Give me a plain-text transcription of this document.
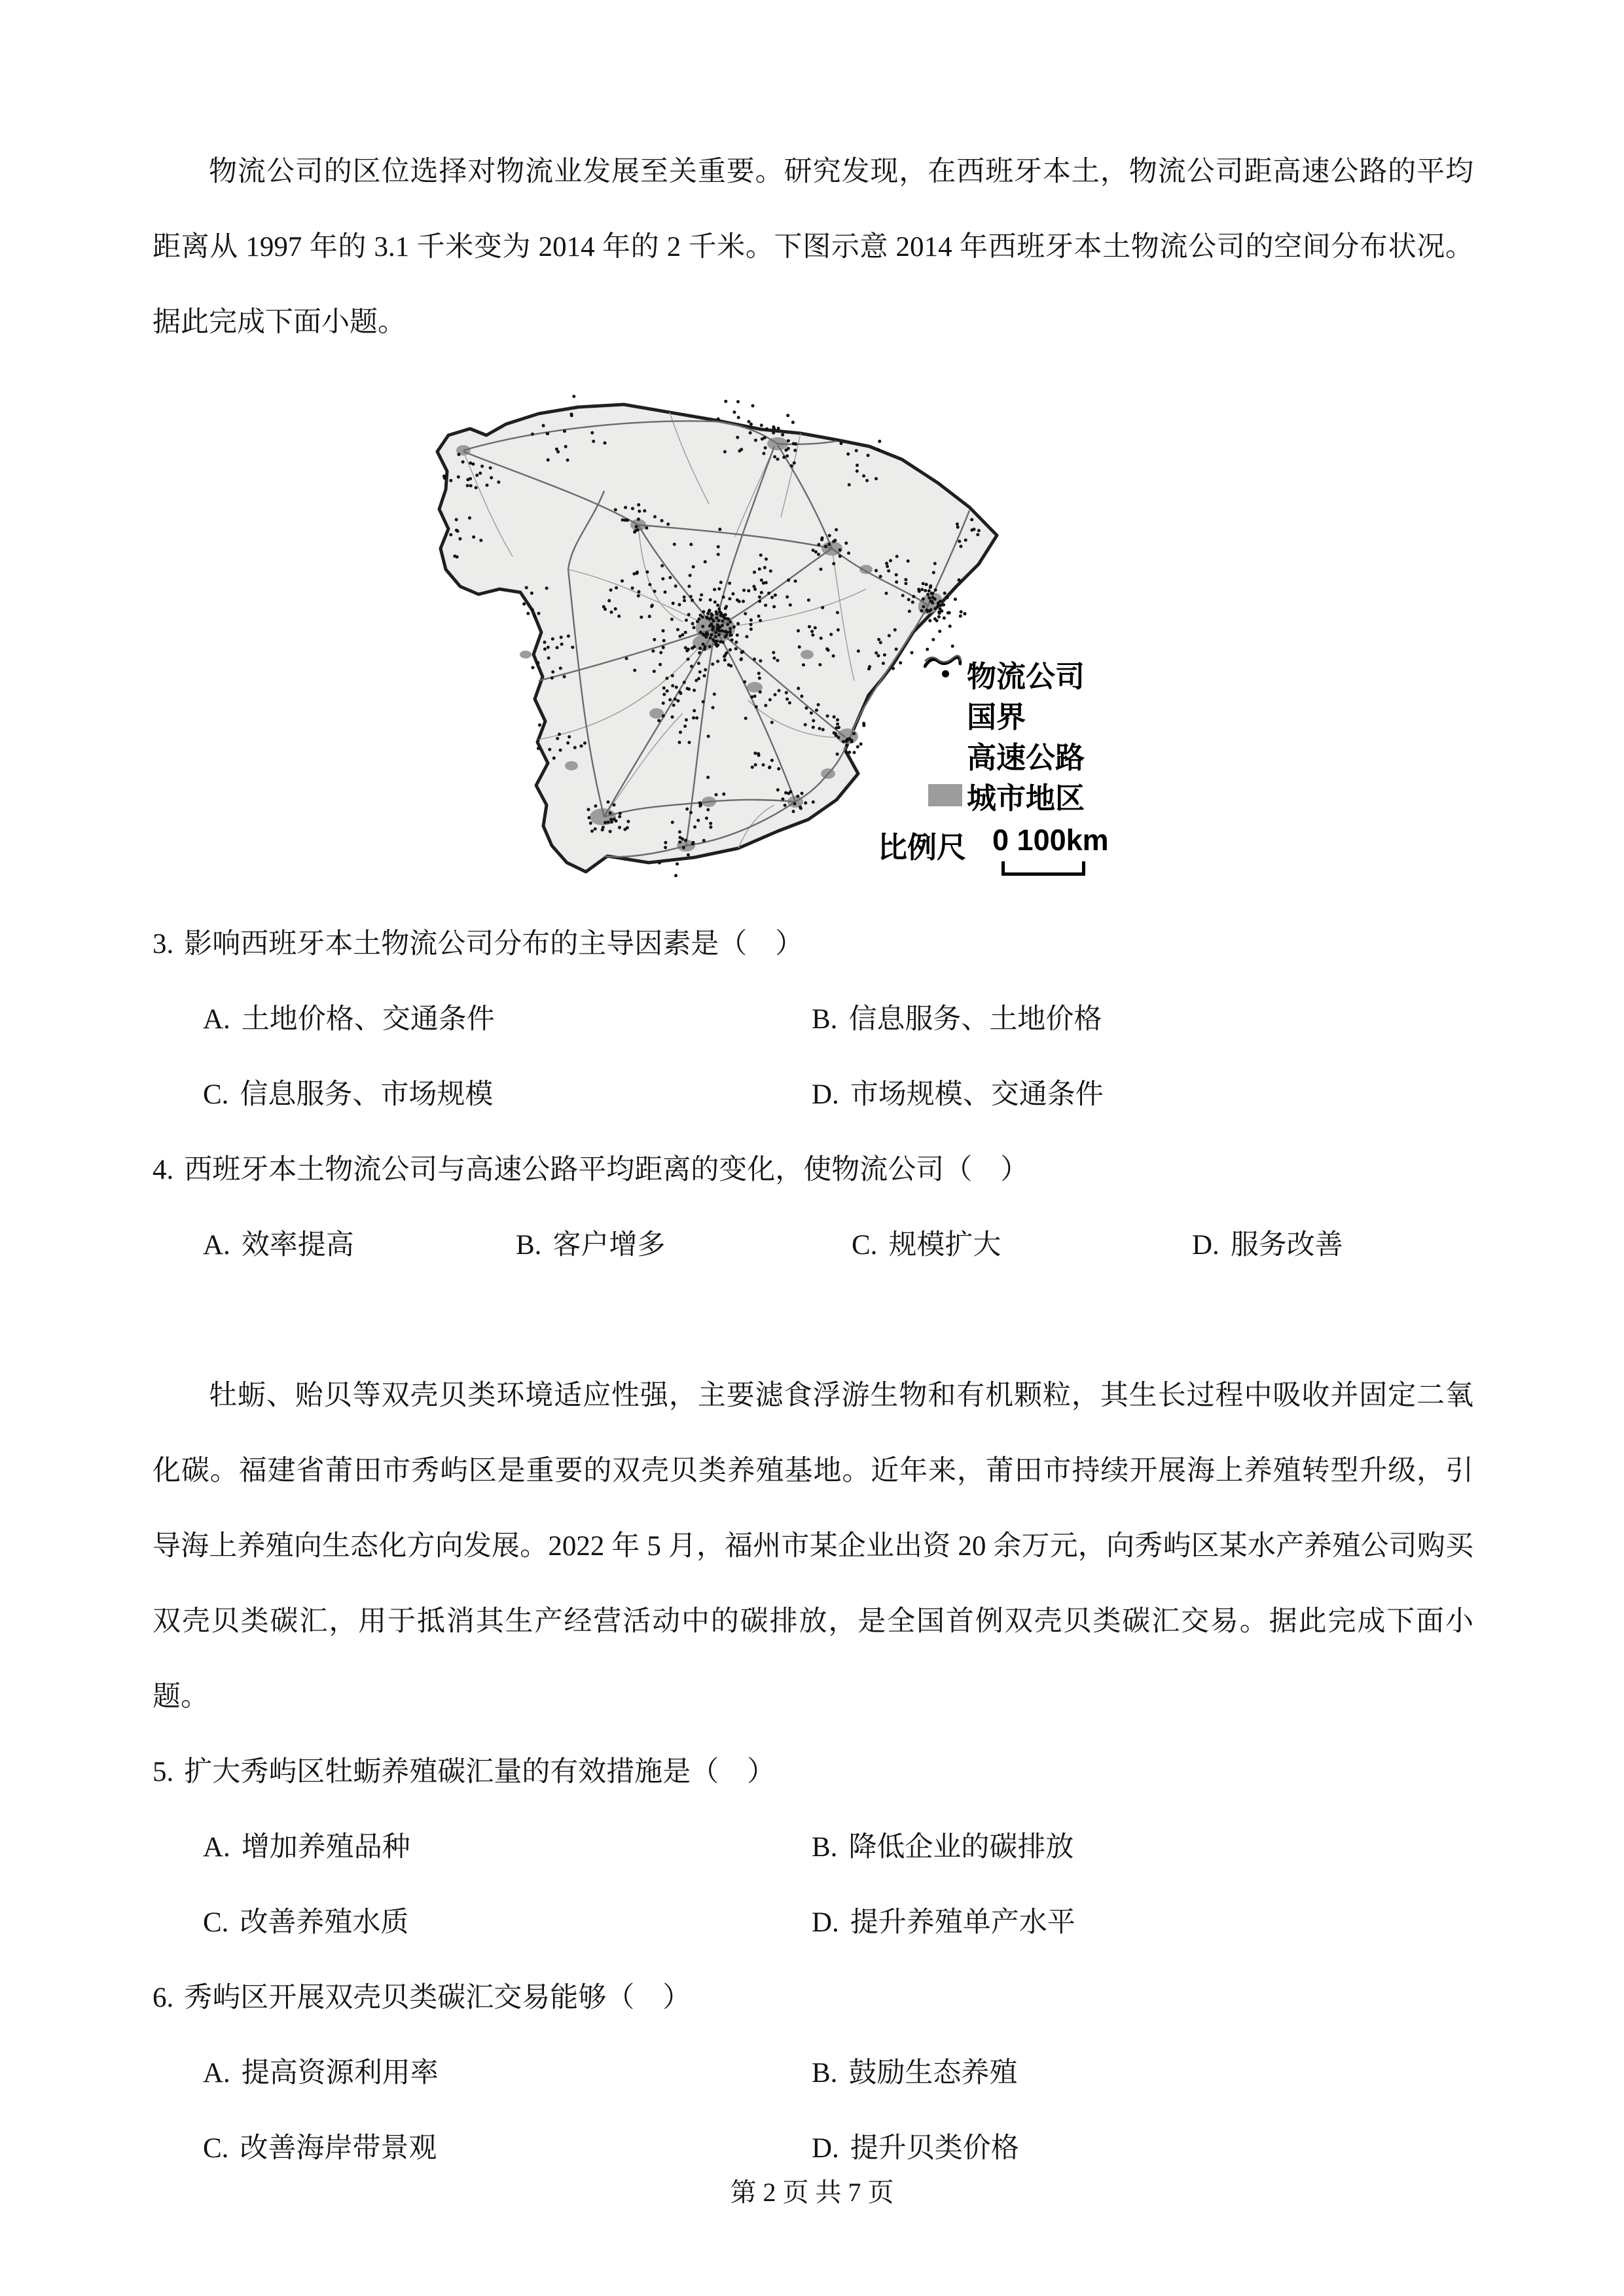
物流公司的区位选择对物流业发展至关重要。研究发现，在西班牙本土，物流公司距高速公路的平均距离从 1997 年的 3.1 千米变为 2014 年的 2 千米。下图示意 2014 年西班牙本土物流公司的空间分布状况。据此完成下面小题。

物流公司
国界
高速公路
城市地区
比例尺 0 100km
3. 影响西班牙本土物流公司分布的主导因素是（　）
A. 土地价格、交通条件	B. 信息服务、土地价格
C. 信息服务、市场规模	D. 市场规模、交通条件
4. 西班牙本土物流公司与高速公路平均距离的变化，使物流公司（　）
A. 效率提高	B. 客户增多	C. 规模扩大	D. 服务改善

牡蛎、贻贝等双壳贝类环境适应性强，主要滤食浮游生物和有机颗粒，其生长过程中吸收并固定二氧化碳。福建省莆田市秀屿区是重要的双壳贝类养殖基地。近年来，莆田市持续开展海上养殖转型升级，引导海上养殖向生态化方向发展。2022 年 5 月，福州市某企业出资 20 余万元，向秀屿区某水产养殖公司购买双壳贝类碳汇，用于抵消其生产经营活动中的碳排放，是全国首例双壳贝类碳汇交易。据此完成下面小题。

5. 扩大秀屿区牡蛎养殖碳汇量的有效措施是（　）
A. 增加养殖品种	B. 降低企业的碳排放
C. 改善养殖水质	D. 提升养殖单产水平
6. 秀屿区开展双壳贝类碳汇交易能够（　）
A. 提高资源利用率	B. 鼓励生态养殖
C. 改善海岸带景观	D. 提升贝类价格
第 2 页 共 7 页
